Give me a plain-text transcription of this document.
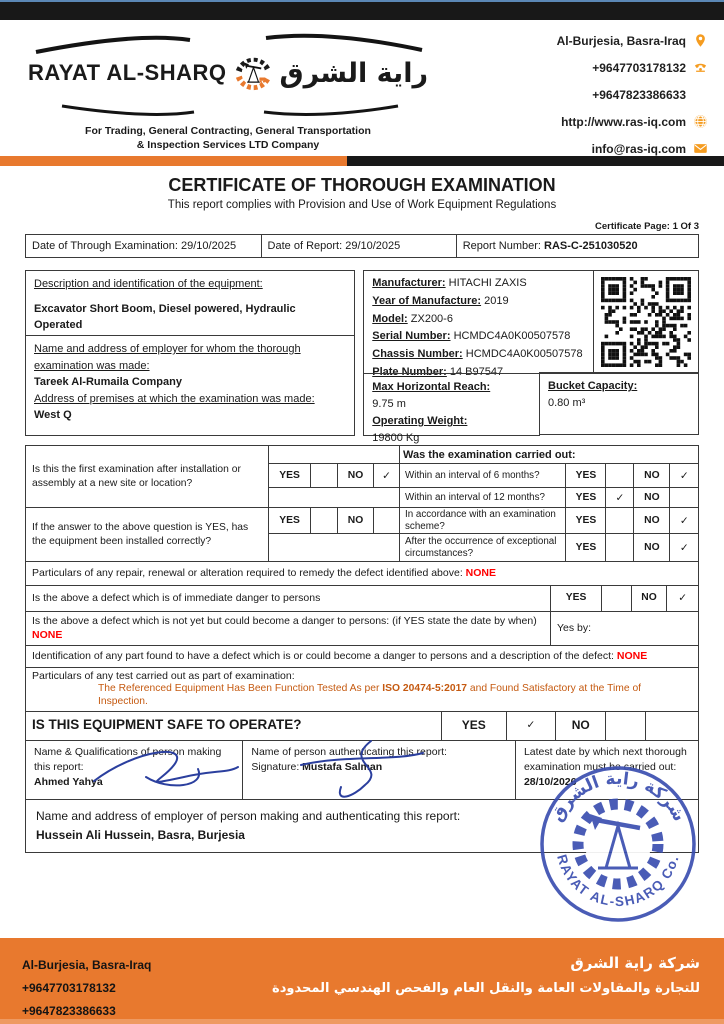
RAYAT AL-SHARQ راية الشرق
For Trading, General Contracting, General Transportation
& Inspection Services LTD Company
Al-Burjesia, Basra-Iraq
+9647703178132
+9647823386633
http://www.ras-iq.com
info@ras-iq.com
CERTIFICATE OF THOROUGH EXAMINATION
This report complies with Provision and Use of Work Equipment Regulations
Certificate Page: 1 Of 3
Date of Through Examination: 29/10/2025	Date of Report: 29/10/2025	Report Number: RAS-C-251030520
Description and identification of the equipment:
Excavator Short Boom, Diesel powered, Hydraulic Operated
Name and address of employer for whom the thorough examination was made:
Tareek Al-Rumaila Company
Address of premises at which the examination was made:
West Q
Manufacturer: HITACHI ZAXIS
Year of Manufacture: 2019
Model: ZX200-6
Serial Number: HCMDC4A0K00507578
Chassis Number: HCMDC4A0K00507578
Plate Number: 14 B97547
Max Horizontal Reach:
9.75 m
Operating Weight:
19800 Kg
Bucket Capacity:
0.80 m³
Is this the first examination after installation or assembly at a new site or location?					Was the examination carried out:				
	YES		NO	✓	Within an interval of 6 months?	YES		NO	✓
					Within an interval of 12 months?	YES	✓	NO	
If the answer to the above question is YES, has the equipment been installed correctly?	YES		NO		In accordance with an examination scheme?	YES		NO	✓
					After the occurrence of exceptional circumstances?	YES		NO	✓
Particulars of any repair, renewal or alteration required to remedy the defect identified above: NONE
Is the above a defect which is of immediate danger to persons	YES		NO	✓
Is the above a defect which is not yet but could become a danger to persons: (if YES state the date by when) NONE	Yes by:
Identification of any part found to have a defect which is or could become a danger to persons and a description of the defect: NONE
Particulars of any test carried out as part of examination:
The Referenced Equipment Has Been Function Tested As per ISO 20474-5:2017 and Found Satisfactory at the Time of Inspection.
IS THIS EQUIPMENT SAFE TO OPERATE?	YES	✓	NO		
Name & Qualifications of person making this report:
Ahmed Yahya

Name of person authenticating this report:
Signature: Mustafa Salman

Latest date by which next thorough examination must be carried out:
28/10/2026
Name and address of employer of person making and authenticating this report:
Hussein Ali Hussein, Basra, Burjesia
شركة راية الشرق
RAYAT AL-SHARQ Co.
Al-Burjesia, Basra-Iraq
+9647703178132
+9647823386633
شركة راية الشرق
للتجارة والمقاولات العامة والنقل العام والفحص الهندسي المحدودة
